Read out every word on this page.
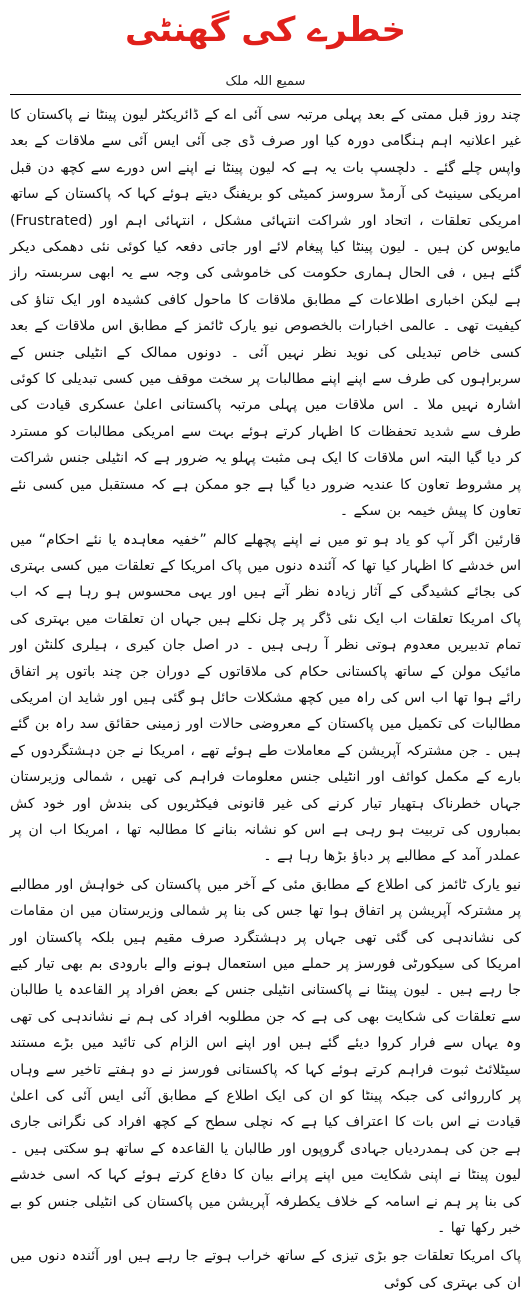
خطرے کی گھنٹی
سمیع اللہ ملک

چند روز قبل ممتی کے بعد پہلی مرتبہ سی آئی اے کے ڈائریکٹر لیون پینٹا نے پاکستان کا غیر اعلانیہ اہم ہنگامی دورہ کیا اور صرف ڈی جی آئی ایس آئی سے ملاقات کے بعد واپس چلے گئے ۔ دلچسپ بات یہ ہے کہ لیون پینٹا نے اپنے اس دورے سے کچھ دن قبل امریکی سینیٹ کی آرمڈ سروسز کمیٹی کو بریفنگ دیتے ہوئے کہا کہ پاکستان کے ساتھ امریکی تعلقات ، اتحاد اور شراکت انتہائی مشکل ، انتہائی اہم اور (Frustrated) مایوس کن ہیں ۔ لیون پینٹا کیا پیغام لائے اور جاتی دفعہ کیا کوئی نئی دھمکی دیکر گئے ہیں ، فی الحال ہماری حکومت کی خاموشی کی وجہ سے یہ ابھی سربستہ راز ہے لیکن اخباری اطلاعات کے مطابق ملاقات کا ماحول کافی کشیدہ اور ایک تناؤ کی کیفیت تھی ۔ عالمی اخبارات بالخصوص نیو یارک ٹائمز کے مطابق اس ملاقات کے بعد کسی خاص تبدیلی کی نوید نظر نہیں آئی ۔ دونوں ممالک کے انٹیلی جنس کے سربراہوں کی طرف سے اپنے اپنے مطالبات پر سخت موقف میں کسی تبدیلی کا کوئی اشارہ نہیں ملا ۔ اس ملاقات میں پہلی مرتبہ پاکستانی اعلیٰ عسکری قیادت کی طرف سے شدید تحفظات کا اظہار کرتے ہوئے بہت سے امریکی مطالبات کو مسترد کر دیا گیا البتہ اس ملاقات کا ایک ہی مثبت پہلو یہ ضرور ہے کہ انٹیلی جنس شراکت پر مشروط تعاون کا عندیہ ضرور دیا گیا ہے جو ممکن ہے کہ مستقبل میں کسی نئے تعاون کا پیش خیمہ بن سکے ۔

قارئین اگر آپ کو یاد ہو تو میں نے اپنے پچھلے کالم ”خفیہ معاہدہ یا نئے احکام“ میں اس خدشے کا اظہار کیا تھا کہ آئندہ دنوں میں پاک امریکا کے تعلقات میں کسی بہتری کی بجائے کشیدگی کے آثار زیادہ نظر آتے ہیں اور یہی محسوس ہو رہا ہے کہ اب پاک امریکا تعلقات اب ایک نئی ڈگر پر چل نکلے ہیں جہاں ان تعلقات میں بہتری کی تمام تدبیریں معدوم ہوتی نظر آ رہی ہیں ۔ در اصل جان کیری ، ہیلری کلنٹن اور مائیک مولن کے ساتھ پاکستانی حکام کی ملاقاتوں کے دوران جن چند باتوں پر اتفاق رائے ہوا تھا اب اس کی راہ میں کچھ مشکلات حائل ہو گئی ہیں اور شاید ان امریکی مطالبات کی تکمیل میں پاکستان کے معروضی حالات اور زمینی حقائق سد راہ بن گئے ہیں ۔ جن مشترکہ آپریشن کے معاملات طے ہوئے تھے ، امریکا نے جن دہشتگردوں کے بارے کے مکمل کوائف اور انٹیلی جنس معلومات فراہم کی تھیں ، شمالی وزیرستان جہاں خطرناک ہتھیار تیار کرنے کی غیر قانونی فیکٹریوں کی بندش اور خود کش بمباروں کی تربیت ہو رہی ہے اس کو نشانہ بنانے کا مطالبہ تھا ، امریکا اب ان پر عملدر آمد کے مطالبے پر دباؤ بڑھا رہا ہے ۔

نیو یارک ٹائمز کی اطلاع کے مطابق مئی کے آخر میں پاکستان کی خواہش اور مطالبے پر مشترکہ آپریشن پر اتفاق ہوا تھا جس کی بنا پر شمالی وزیرستان میں ان مقامات کی نشاندہی کی گئی تھی جہاں پر دہشتگرد صرف مقیم ہیں بلکہ پاکستان اور امریکا کی سیکورٹی فورسز پر حملے میں استعمال ہونے والے بارودی بم بھی تیار کیے جا رہے ہیں ۔ لیون پینٹا نے پاکستانی انٹیلی جنس کے بعض افراد پر القاعدہ یا طالبان سے تعلقات کی شکایت بھی کی ہے کہ جن مطلوبہ افراد کی ہم نے نشاندہی کی تھی وہ یہاں سے فرار کروا دیئے گئے ہیں اور اپنے اس الزام کی تائید میں بڑے مستند سیٹلائٹ ثبوت فراہم کرتے ہوئے کہا کہ پاکستانی فورسز نے دو ہفتے تاخیر سے وہاں پر کارروائی کی جبکہ پینٹا کو ان کی ایک اطلاع کے مطابق آئی ایس آئی کی اعلیٰ قیادت نے اس بات کا اعتراف کیا ہے کہ نچلی سطح کے کچھ افراد کی نگرانی جاری ہے جن کی ہمدردیاں جہادی گروپوں اور طالبان یا القاعدہ کے ساتھ ہو سکتی ہیں ۔ لیون پینٹا نے اپنی شکایت میں اپنے پرانے بیان کا دفاع کرتے ہوئے کہا کہ اسی خدشے کی بنا پر ہم نے اسامہ کے خلاف یکطرفہ آپریشن میں پاکستان کی انٹیلی جنس کو بے خبر رکھا تھا ۔

پاک امریکا تعلقات جو بڑی تیزی کے ساتھ خراب ہوتے جا رہے ہیں اور آئندہ دنوں میں ان کی بہتری کی کوئی
